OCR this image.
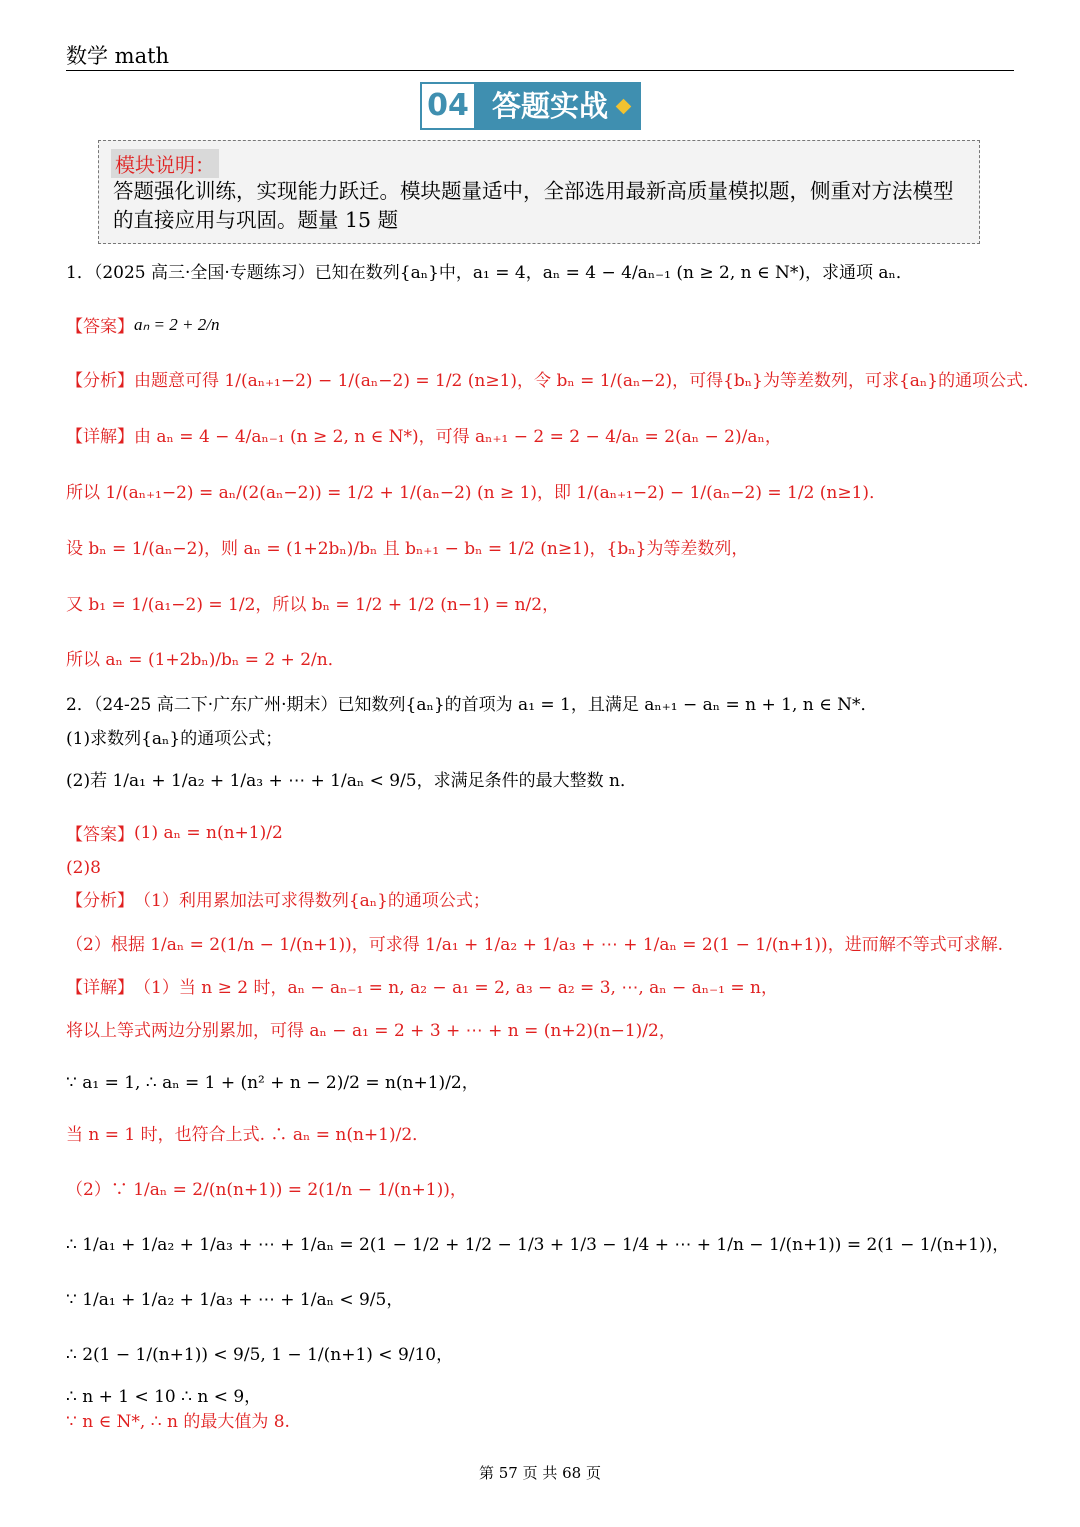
数学 math
04 答题实战
模块说明：
答题强化训练，实现能力跃迁。模块题量适中，全部选用最新高质量模拟题，侧重对方法模型的直接应用与巩固。题量 15 题
1．（2025 高三·全国·专题练习）已知在数列{aₙ}中，a₁ = 4，aₙ = 4 − 4/aₙ₋₁ (n ≥ 2, n ∈ N*)，求通项 aₙ．
【答案】 aₙ = 2 + 2/n
【分析】 由题意可得 1/(aₙ₊₁−2) − 1/(aₙ−2) = 1/2 (n≥1)，令 bₙ = 1/(aₙ−2)，可得{bₙ}为等差数列，可求{aₙ}的通项公式.
【详解】 由 aₙ = 4 − 4/aₙ₋₁ (n ≥ 2, n ∈ N*)，可得 aₙ₊₁ − 2 = 2 − 4/aₙ = 2(aₙ − 2)/aₙ，
所以 1/(aₙ₊₁−2) = aₙ/(2(aₙ−2)) = 1/2 + 1/(aₙ−2) (n ≥ 1)，即 1/(aₙ₊₁−2) − 1/(aₙ−2) = 1/2 (n≥1)．
设 bₙ = 1/(aₙ−2)，则 aₙ = (1+2bₙ)/bₙ 且 bₙ₊₁ − bₙ = 1/2 (n≥1)，{bₙ}为等差数列，
又 b₁ = 1/(a₁−2) = 1/2，所以 bₙ = 1/2 + 1/2 (n−1) = n/2，
所以 aₙ = (1+2bₙ)/bₙ = 2 + 2/n．
2．（24-25 高二下·广东广州·期末）已知数列{aₙ}的首项为 a₁ = 1，且满足 aₙ₊₁ − aₙ = n + 1, n ∈ N*．
(1)求数列{aₙ}的通项公式；
(2)若 1/a₁ + 1/a₂ + 1/a₃ + ⋯ + 1/aₙ < 9/5，求满足条件的最大整数 n．
【答案】 (1) aₙ = n(n+1)/2
(2)8
【分析】 （1）利用累加法可求得数列{aₙ}的通项公式；
（2）根据 1/aₙ = 2(1/n − 1/(n+1))，可求得 1/a₁ + 1/a₂ + 1/a₃ + ⋯ + 1/aₙ = 2(1 − 1/(n+1))，进而解不等式可求解.
【详解】 （1）当 n ≥ 2 时，aₙ − aₙ₋₁ = n, a₂ − a₁ = 2, a₃ − a₂ = 3, ⋯, aₙ − aₙ₋₁ = n，
将以上等式两边分别累加，可得 aₙ − a₁ = 2 + 3 + ⋯ + n = (n+2)(n−1)/2，
∵ a₁ = 1, ∴ aₙ = 1 + (n² + n − 2)/2 = n(n+1)/2，
当 n = 1 时，也符合上式. ∴ aₙ = n(n+1)/2．
（2）∵ 1/aₙ = 2/(n(n+1)) = 2(1/n − 1/(n+1))，
∴ 1/a₁ + 1/a₂ + 1/a₃ + ⋯ + 1/aₙ = 2(1 − 1/2 + 1/2 − 1/3 + 1/3 − 1/4 + ⋯ + 1/n − 1/(n+1)) = 2(1 − 1/(n+1))，
∵ 1/a₁ + 1/a₂ + 1/a₃ + ⋯ + 1/aₙ < 9/5，
∴ 2(1 − 1/(n+1)) < 9/5, 1 − 1/(n+1) < 9/10，
∴ n + 1 < 10 ∴ n < 9，
∵ n ∈ N*, ∴ n 的最大值为 8.
第 57 页 共 68 页
